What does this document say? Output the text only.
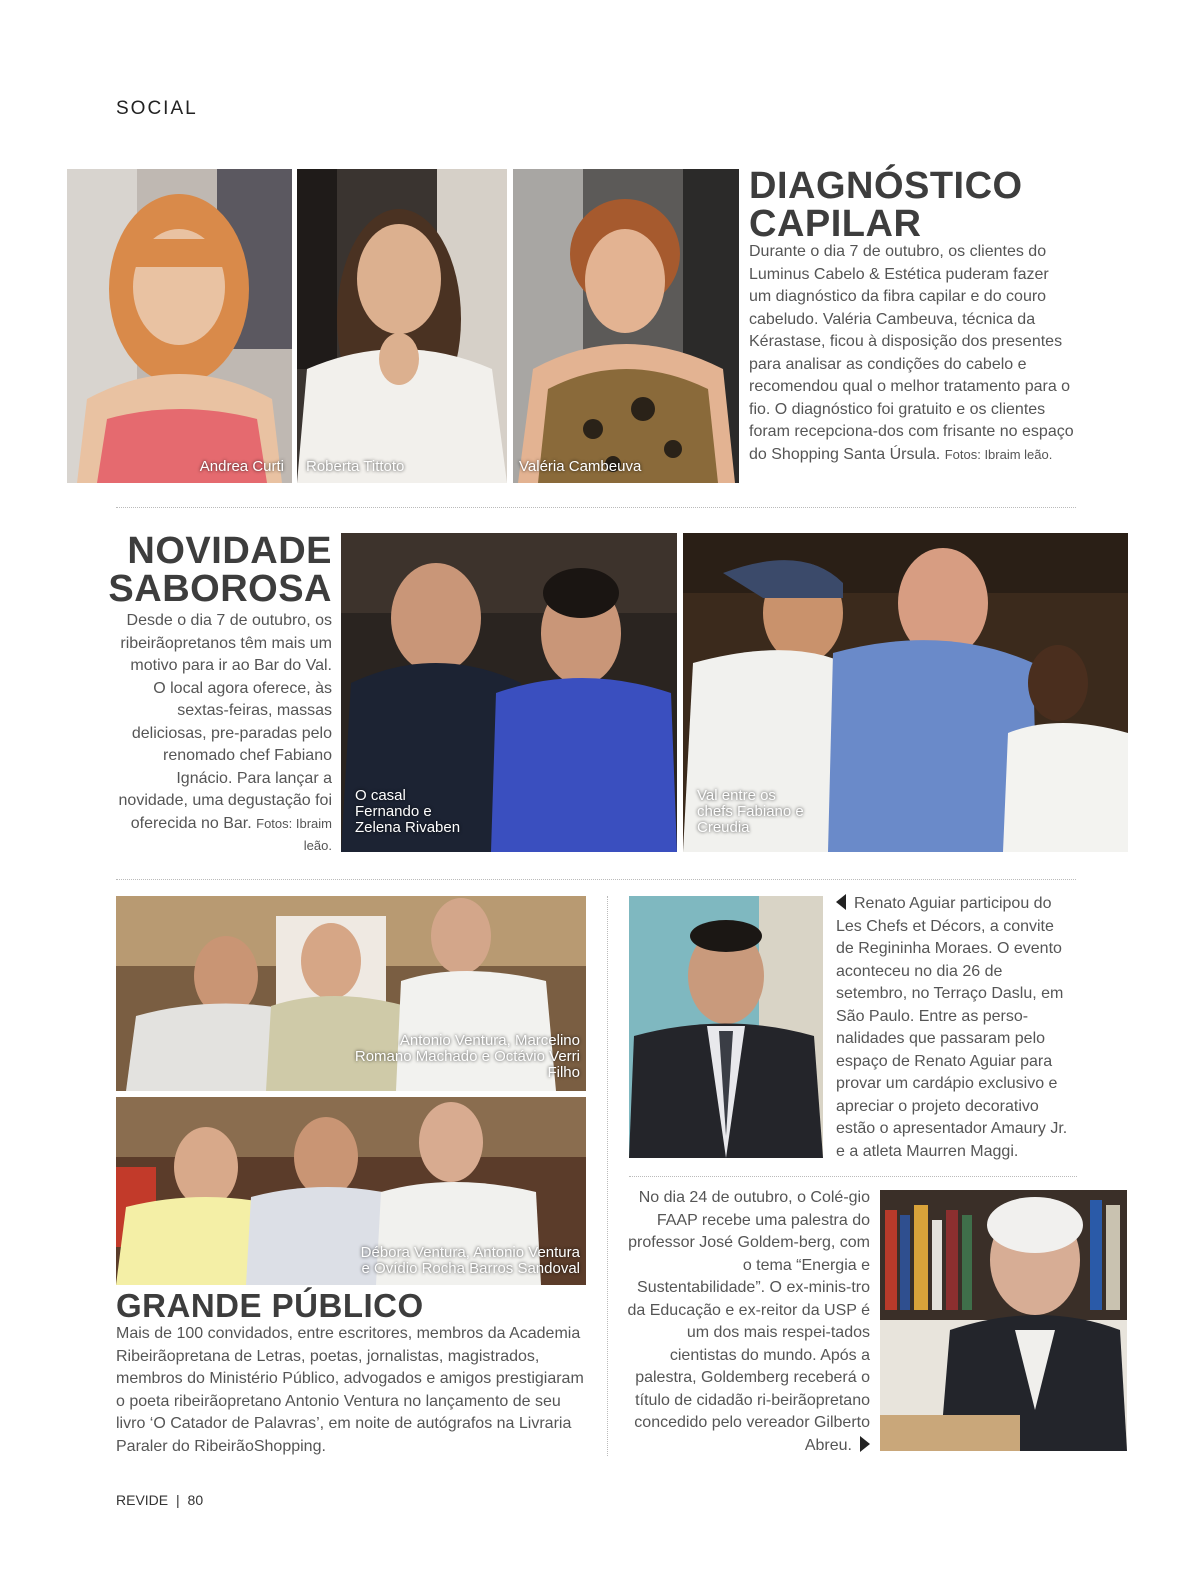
SOCIAL
Andrea Curti Roberta Tittoto	Valéria Cambeuva
DIAGNÓSTICO
CAPILAR
Durante o dia 7 de outubro, os clientes do Luminus Cabelo & Estética puderam fazer um diagnóstico da fibra capilar e do couro cabeludo. Valéria Cambeuva, técnica da Kérastase, ficou à disposição dos presentes para analisar as condições do cabelo e recomendou qual o melhor tratamento para o fio. O diagnóstico foi gratuito e os clientes foram recepciona-dos com frisante no espaço do Shopping Santa Úrsula. Fotos: Ibraim leão.
NOVIDADE
SABOROSA
Desde o dia 7 de outubro, os ribeirãopretanos têm mais um motivo para ir ao Bar do Val. O local agora oferece, às sextas-feiras, massas deliciosas, pre-paradas pelo renomado chef Fabiano Ignácio. Para lançar a novidade, uma degustação foi oferecida no Bar. Fotos: Ibraim leão.
O casal Fernando e Zelena Rivaben
Val entre os chefs Fabiano e Creudia
Antonio Ventura, Marcelino Romano Machado e Octávio Verri Filho
Débora Ventura, Antonio Ventura e Ovídio Rocha Barros Sandoval
GRANDE PÚBLICO
Mais de 100 convidados, entre escritores, membros da Academia Ribeirãopretana de Letras, poetas, jornalistas, magistrados, membros do Ministério Público, advogados e amigos prestigiaram o poeta ribeirãopretano Antonio Ventura no lançamento de seu livro ‘O Catador de Palavras’, em noite de autógrafos na Livraria Paraler do RibeirãoShopping.
Renato Aguiar participou do Les Chefs et Décors, a convite de Regininha Moraes. O evento aconteceu no dia 26 de setembro, no Terraço Daslu, em São Paulo. Entre as perso-nalidades que passaram pelo espaço de Renato Aguiar para provar um cardápio exclusivo e apreciar o projeto decorativo estão o apresentador Amaury Jr. e a atleta Maurren Maggi.
No dia 24 de outubro, o Colé-gio FAAP recebe uma palestra do professor José Goldem-berg, com o tema “Energia e Sustentabilidade”. O ex-minis-tro da Educação e ex-reitor da USP é um dos mais respei-tados cientistas do mundo. Após a palestra, Goldemberg receberá o título de cidadão ri-beirãopretano concedido pelo vereador Gilberto Abreu.
REVIDE | 80
